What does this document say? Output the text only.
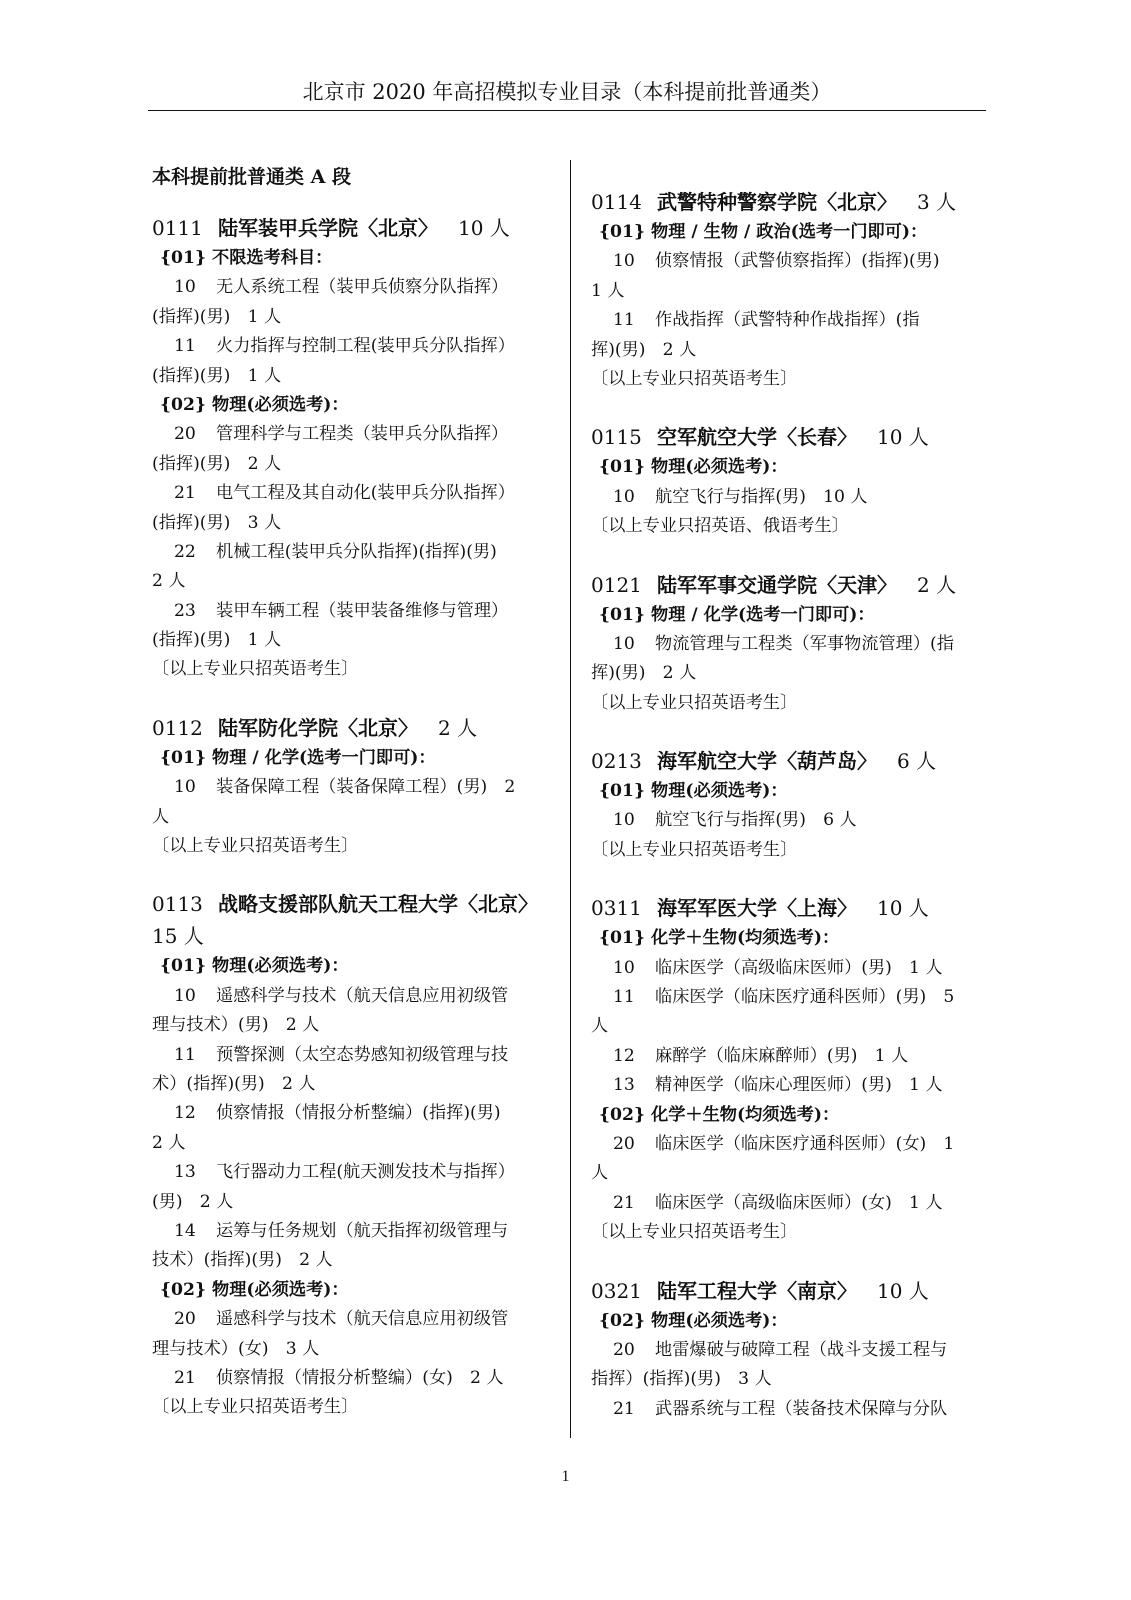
北京市 2020 年高招模拟专业目录（本科提前批普通类）
本科提前批普通类 A 段
0111 陆军装甲兵学院〈北京〉 10 人
{01} 不限选考科目：
10 无人系统工程（装甲兵侦察分队指挥）
(指挥)(男)　1 人
11 火力指挥与控制工程(装甲兵分队指挥）
(指挥)(男)　1 人
{02} 物理(必须选考)：
20 管理科学与工程类（装甲兵分队指挥）
(指挥)(男)　2 人
21 电气工程及其自动化(装甲兵分队指挥）
(指挥)(男)　3 人
22 机械工程(装甲兵分队指挥)(指挥)(男)
2 人
23 装甲车辆工程（装甲装备维修与管理）
(指挥)(男)　1 人
〔以上专业只招英语考生〕
0112 陆军防化学院〈北京〉 2 人
{01} 物理 / 化学(选考一门即可)：
10 装备保障工程（装备保障工程）(男)　2
人
〔以上专业只招英语考生〕
0113 战略支援部队航天工程大学〈北京〉
15 人
{01} 物理(必须选考)：
10 遥感科学与技术（航天信息应用初级管
理与技术）(男)　2 人
11 预警探测（太空态势感知初级管理与技
术）(指挥)(男)　2 人
12 侦察情报（情报分析整编）(指挥)(男)
2 人
13 飞行器动力工程(航天测发技术与指挥）
(男)　2 人
14 运筹与任务规划（航天指挥初级管理与
技术）(指挥)(男)　2 人
{02} 物理(必须选考)：
20 遥感科学与技术（航天信息应用初级管
理与技术）(女)　3 人
21 侦察情报（情报分析整编）(女)　2 人
〔以上专业只招英语考生〕
0114 武警特种警察学院〈北京〉 3 人
{01} 物理 / 生物 / 政治(选考一门即可)：
10 侦察情报（武警侦察指挥）(指挥)(男)
1 人
11 作战指挥（武警特种作战指挥）(指
挥)(男)　2 人
〔以上专业只招英语考生〕
0115 空军航空大学〈长春〉 10 人
{01} 物理(必须选考)：
10 航空飞行与指挥(男)　10 人
〔以上专业只招英语、俄语考生〕
0121 陆军军事交通学院〈天津〉 2 人
{01} 物理 / 化学(选考一门即可)：
10 物流管理与工程类（军事物流管理）(指
挥)(男)　2 人
〔以上专业只招英语考生〕
0213 海军航空大学〈葫芦岛〉 6 人
{01} 物理(必须选考)：
10 航空飞行与指挥(男)　6 人
〔以上专业只招英语考生〕
0311 海军军医大学〈上海〉 10 人
{01} 化学＋生物(均须选考)：
10 临床医学（高级临床医师）(男)　1 人
11 临床医学（临床医疗通科医师）(男)　5
人
12 麻醉学（临床麻醉师）(男)　1 人
13 精神医学（临床心理医师）(男)　1 人
{02} 化学＋生物(均须选考)：
20 临床医学（临床医疗通科医师）(女)　1
人
21 临床医学（高级临床医师）(女)　1 人
〔以上专业只招英语考生〕
0321 陆军工程大学〈南京〉 10 人
{02} 物理(必须选考)：
20 地雷爆破与破障工程（战斗支援工程与
指挥）(指挥)(男)　3 人
21 武器系统与工程（装备技术保障与分队
1
